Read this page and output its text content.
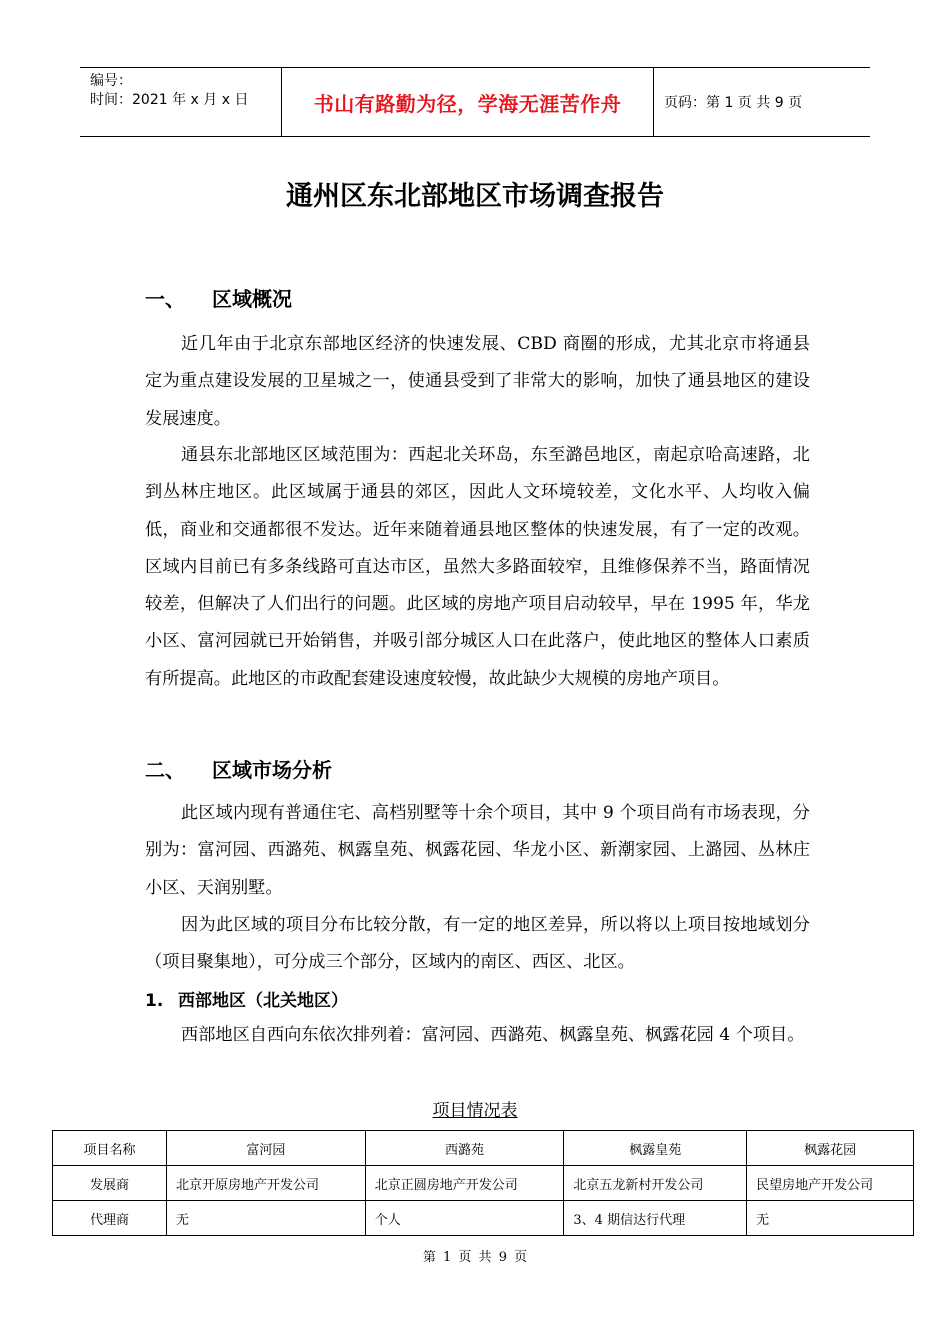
编号：
时间：2021 年 x 月 x 日	书山有路勤为径，学海无涯苦作舟	页码：第 1 页 共 9 页
通州区东北部地区市场调查报告
一、 区域概况
近几年由于北京东部地区经济的快速发展、CBD 商圈的形成，尤其北京市将通县定为重点建设发展的卫星城之一，使通县受到了非常大的影响，加快了通县地区的建设发展速度。
通县东北部地区区域范围为：西起北关环岛，东至潞邑地区，南起京哈高速路，北到丛林庄地区。此区域属于通县的郊区，因此人文环境较差，文化水平、人均收入偏低，商业和交通都很不发达。近年来随着通县地区整体的快速发展，有了一定的改观。区域内目前已有多条线路可直达市区，虽然大多路面较窄，且维修保养不当，路面情况较差，但解决了人们出行的问题。此区域的房地产项目启动较早，早在 1995 年，华龙小区、富河园就已开始销售，并吸引部分城区人口在此落户，使此地区的整体人口素质有所提高。此地区的市政配套建设速度较慢，故此缺少大规模的房地产项目。
二、 区域市场分析
此区域内现有普通住宅、高档别墅等十余个项目，其中 9 个项目尚有市场表现，分别为：富河园、西潞苑、枫露皇苑、枫露花园、华龙小区、新潮家园、上潞园、丛林庄小区、天润别墅。
因为此区域的项目分布比较分散，有一定的地区差异，所以将以上项目按地域划分（项目聚集地），可分成三个部分，区域内的南区、西区、北区。
1. 西部地区（北关地区）
西部地区自西向东依次排列着：富河园、西潞苑、枫露皇苑、枫露花园 4 个项目。
项目情况表
项目名称	富河园	西潞苑	枫露皇苑	枫露花园
发展商	北京开原房地产开发公司	北京正圆房地产开发公司	北京五龙新村开发公司	民望房地产开发公司
代理商	无	个人	3、4 期信达行代理	无
第 1 页 共 9 页
